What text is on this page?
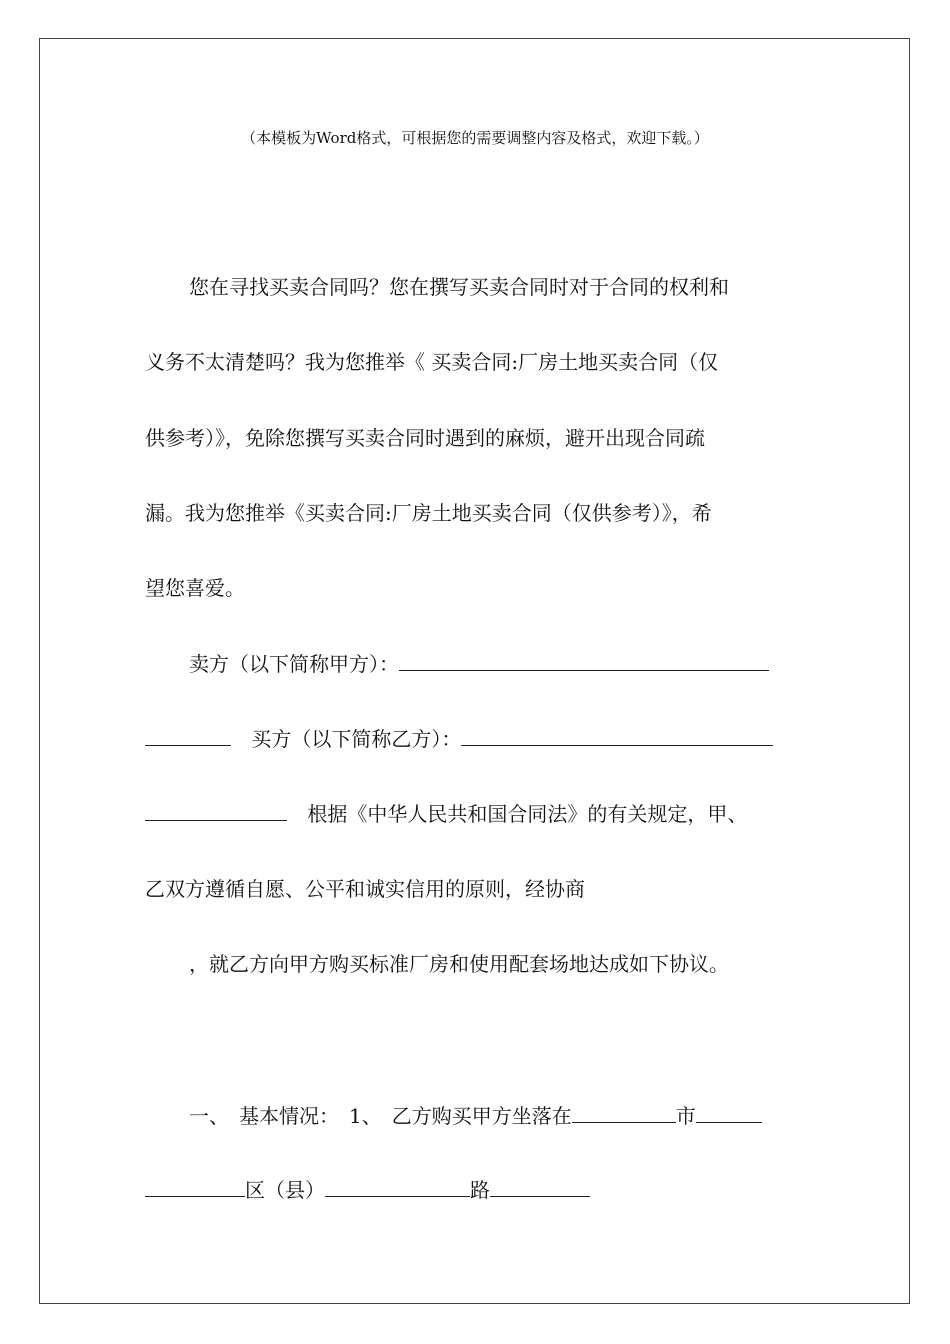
（本模板为Word格式，可根据您的需要调整内容及格式，欢迎下载。）
您在寻找买卖合同吗？您在撰写买卖合同时对于合同的权利和
义务不太清楚吗？我为您推举《 买卖合同:厂房土地买卖合同（仅
供参考）》，免除您撰写买卖合同时遇到的麻烦，避开出现合同疏
漏。我为您推举《买卖合同:厂房土地买卖合同（仅供参考）》，希
望您喜爱。
卖方（以下简称甲方）：
买方（以下简称乙方）：
根据《中华人民共和国合同法》的有关规定，甲、
乙双方遵循自愿、公平和诚实信用的原则，经协商
，就乙方向甲方购买标准厂房和使用配套场地达成如下协议。
一、　基本情况：　1、　乙方购买甲方坐落在	市
区（县）	路
